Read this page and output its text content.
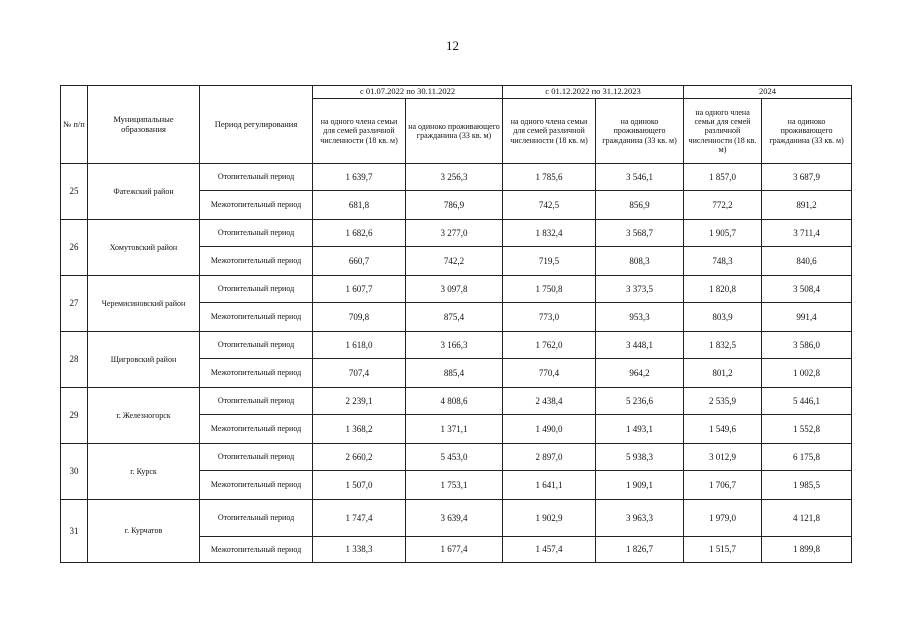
12
№ п/п	Муниципальные образования	Период регулирования	с 01.07.2022 по 30.11.2022		с 01.12.2022 по 31.12.2023		2024	
			на одного члена семьи для семей различной численности (18 кв. м)	на одиноко проживающего гражданина (33 кв. м)	на одного члена семьи для семей различной численности (18 кв. м)	на одиноко проживающего гражданина (33 кв. м)	на одного члена семьи для семей различной численности (18 кв. м)	на одиноко проживающего гражданина (33 кв. м)
25	Фатежский район	Отопительный период	1 639,7	3 256,3	1 785,6	3 546,1	1 857,0	3 687,9
		Межотопительный период	681,8	786,9	742,5	856,9	772,2	891,2
26	Хомутовский район	Отопительный период	1 682,6	3 277,0	1 832,4	3 568,7	1 905,7	3 711,4
		Межотопительный период	660,7	742,2	719,5	808,3	748,3	840,6
27	Черемисиновский район	Отопительный период	1 607,7	3 097,8	1 750,8	3 373,5	1 820,8	3 508,4
		Межотопительный период	709,8	875,4	773,0	953,3	803,9	991,4
28	Щигровский район	Отопительный период	1 618,0	3 166,3	1 762,0	3 448,1	1 832,5	3 586,0
		Межотопительный период	707,4	885,4	770,4	964,2	801,2	1 002,8
29	г. Железногорск	Отопительный период	2 239,1	4 808,6	2 438,4	5 236,6	2 535,9	5 446,1
		Межотопительный период	1 368,2	1 371,1	1 490,0	1 493,1	1 549,6	1 552,8
30	г. Курск	Отопительный период	2 660,2	5 453,0	2 897,0	5 938,3	3 012,9	6 175,8
		Межотопительный период	1 507,0	1 753,1	1 641,1	1 909,1	1 706,7	1 985,5
31	г. Курчатов	Отопительный период	1 747,4	3 639,4	1 902,9	3 963,3	1 979,0	4 121,8
		Межотопительный период	1 338,3	1 677,4	1 457,4	1 826,7	1 515,7	1 899,8
